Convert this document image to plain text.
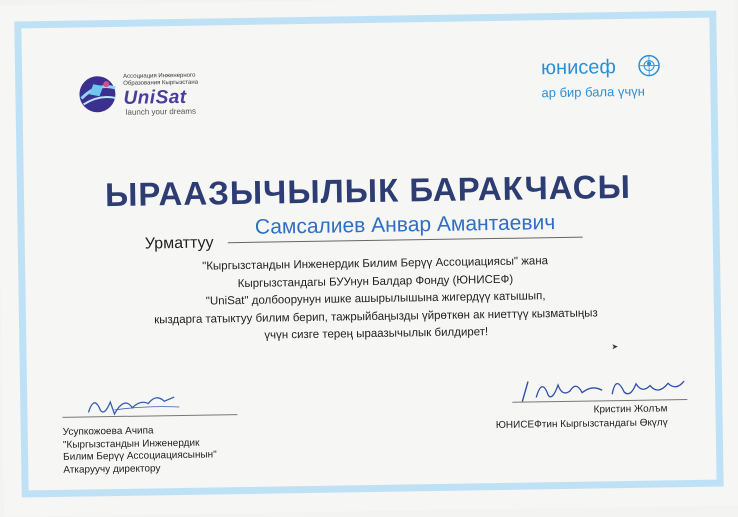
Ассоциация Инженерного Образования Кыргызстана
UniSat
launch your dreams
юнисеф
ар бир бала үчүн
ЫРААЗЫЧЫЛЫК БАРАКЧАСЫ
Урматтуу
Самсалиев Анвар Амантаевич
"Кыргызстандын Инженердик Билим Берүү Ассоциациясы" жана
Кыргызстандагы БУУнун Балдар Фонду (ЮНИСЕФ)
"UniSat" долбоорунун ишке ашырылышына жигердүү катышып,
кыздарга татыктуу билим берип, тажрыйбаңызды үйрөткөн ак ниеттүү кызматыңыз
үчүн сизге терең ыраазычылык билдирет!
➤
Усупкожоева Ачипа
"Кыргызстандын Инженердик
Билим Берүү Ассоциациясынын"
Аткаруучу директору
Кристин Жолъм
ЮНИСЕФтин Кыргызстандагы Өкүлү
